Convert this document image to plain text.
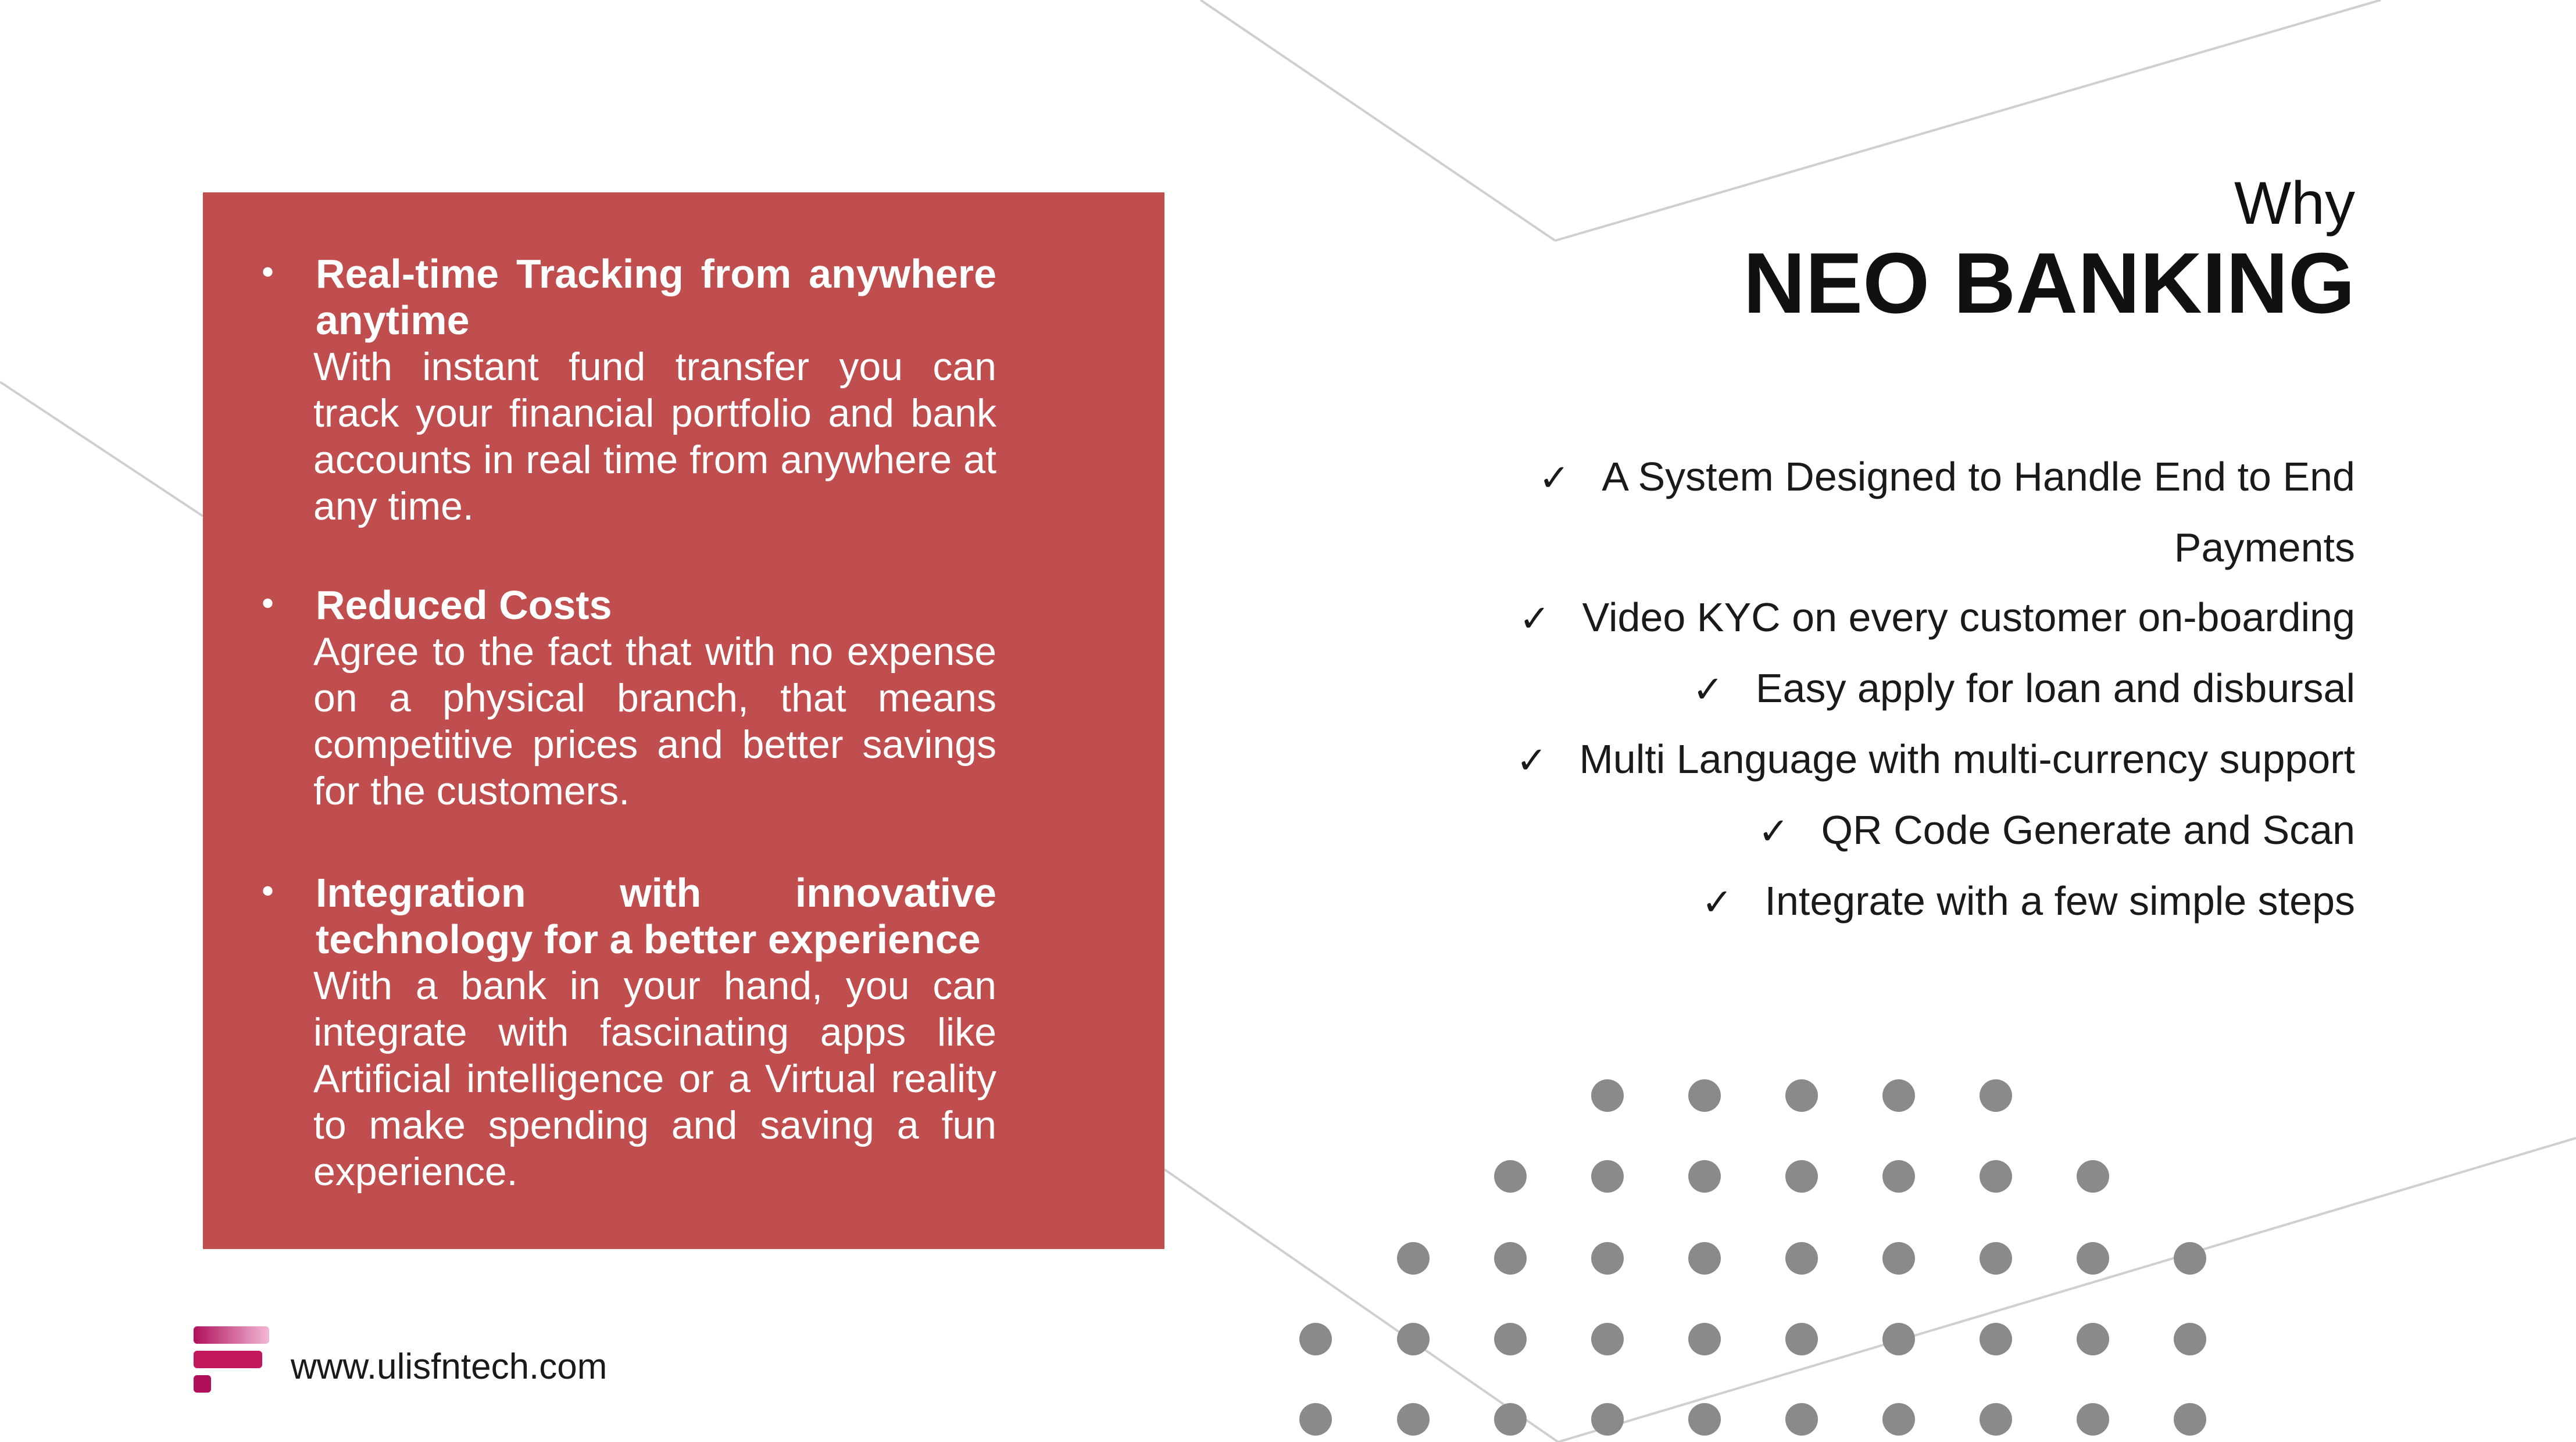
• Real-time Tracking from anywhere anytime
With instant fund transfer you can track your financial portfolio and bank accounts in real time from anywhere at any time.
• Reduced Costs
Agree to the fact that with no expense on a physical branch, that means competitive prices and better savings for the customers.
• Integration with innovative technology for a better experience
With a bank in your hand, you can integrate with fascinating apps like Artificial intelligence or a Virtual reality to make spending and saving a fun experience.
Why
NEO BANKING
✓ A System Designed to Handle End to End
Payments
✓ Video KYC on every customer on-boarding
✓ Easy apply for loan and disbursal
✓ Multi Language with multi-currency support
✓ QR Code Generate and Scan
✓ Integrate with a few simple steps
www.ulisfntech.com
